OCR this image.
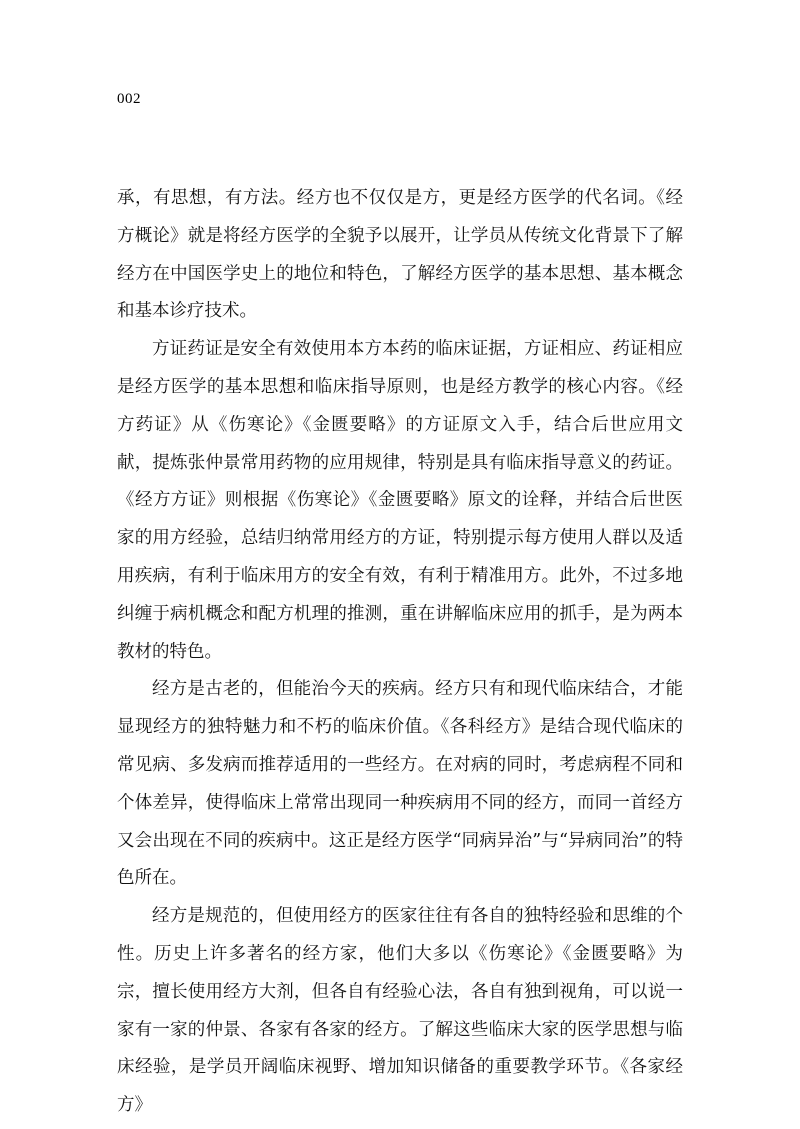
002

承，有思想，有方法。经方也不仅仅是方，更是经方医学的代名词。《经方概论》就是将经方医学的全貌予以展开，让学员从传统文化背景下了解经方在中国医学史上的地位和特色，了解经方医学的基本思想、基本概念和基本诊疗技术。

方证药证是安全有效使用本方本药的临床证据，方证相应、药证相应是经方医学的基本思想和临床指导原则，也是经方教学的核心内容。《经方药证》从《伤寒论》《金匮要略》的方证原文入手，结合后世应用文献，提炼张仲景常用药物的应用规律，特别是具有临床指导意义的药证。《经方方证》则根据《伤寒论》《金匮要略》原文的诠释，并结合后世医家的用方经验，总结归纳常用经方的方证，特别提示每方使用人群以及适用疾病，有利于临床用方的安全有效，有利于精准用方。此外，不过多地纠缠于病机概念和配方机理的推测，重在讲解临床应用的抓手，是为两本教材的特色。

经方是古老的，但能治今天的疾病。经方只有和现代临床结合，才能显现经方的独特魅力和不朽的临床价值。《各科经方》是结合现代临床的常见病、多发病而推荐适用的一些经方。在对病的同时，考虑病程不同和个体差异，使得临床上常常出现同一种疾病用不同的经方，而同一首经方又会出现在不同的疾病中。这正是经方医学“同病异治”与“异病同治”的特色所在。

经方是规范的，但使用经方的医家往往有各自的独特经验和思维的个性。历史上许多著名的经方家，他们大多以《伤寒论》《金匮要略》为宗，擅长使用经方大剂，但各自有经验心法，各自有独到视角，可以说一家有一家的仲景、各家有各家的经方。了解这些临床大家的医学思想与临床经验，是学员开阔临床视野、增加知识储备的重要教学环节。《各家经方》
